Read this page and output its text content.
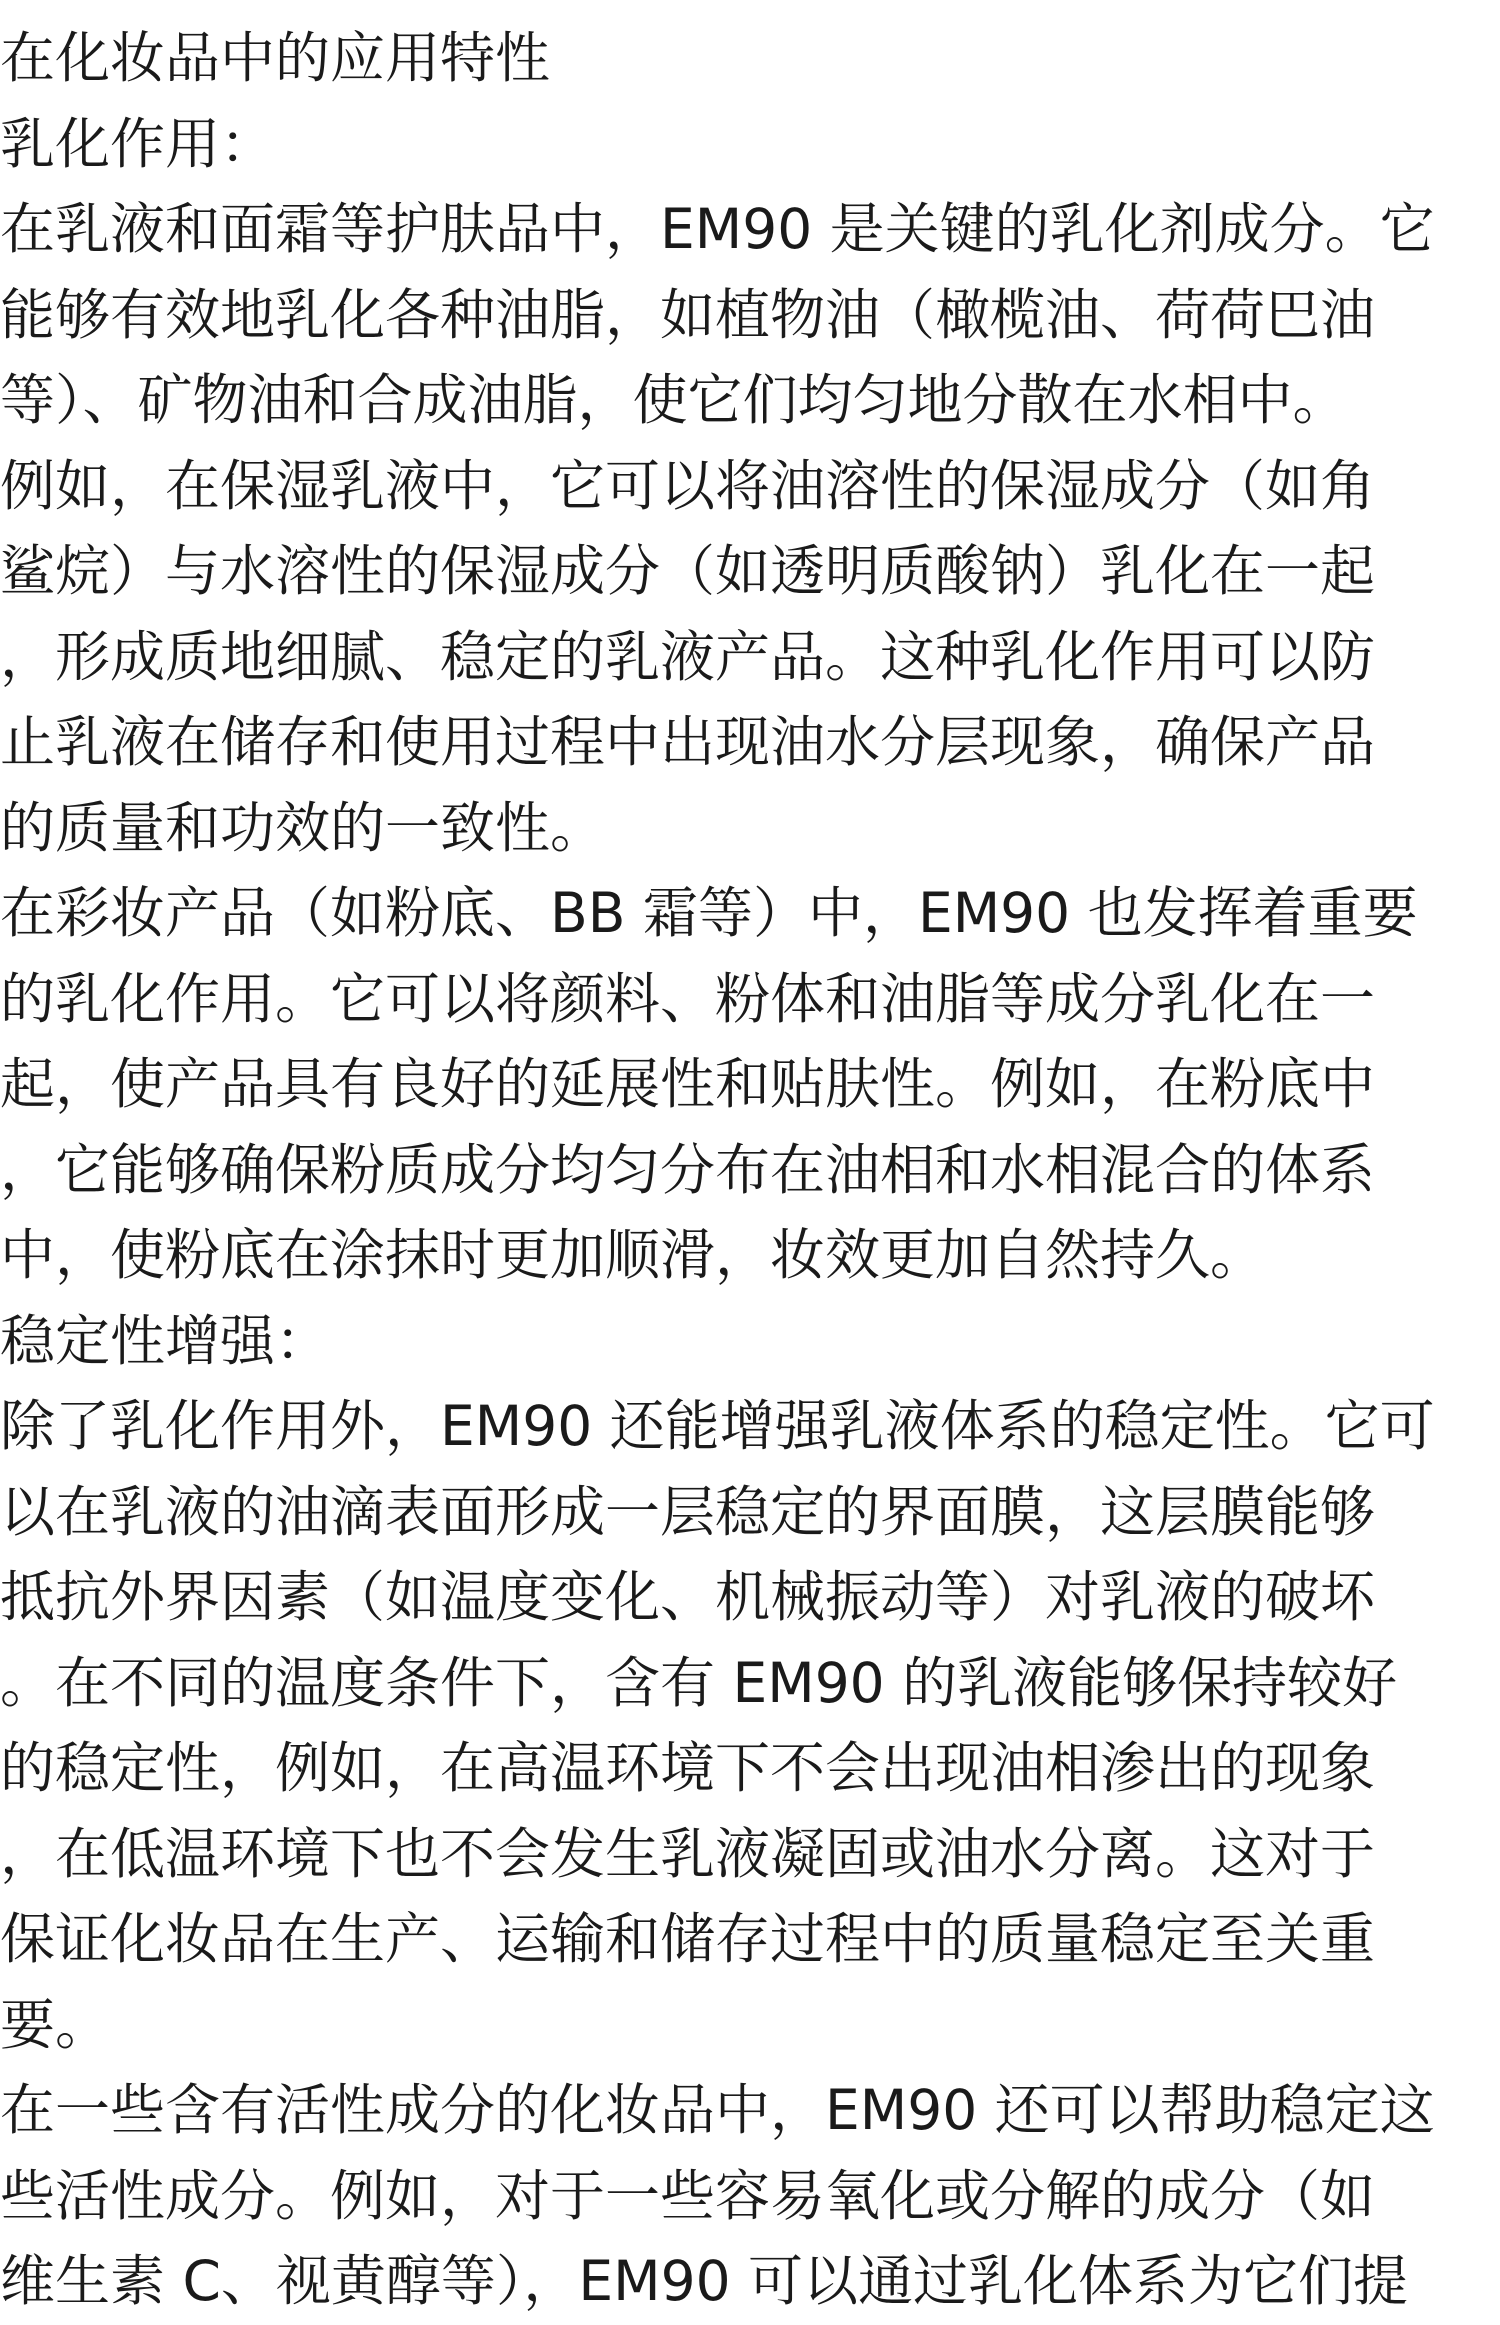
在化妆品中的应用特性
乳化作用：
在乳液和面霜等护肤品中，EM90 是关键的乳化剂成分。它
能够有效地乳化各种油脂，如植物油（橄榄油、荷荷巴油
等）、矿物油和合成油脂，使它们均匀地分散在水相中。
例如，在保湿乳液中，它可以将油溶性的保湿成分（如角
鲨烷）与水溶性的保湿成分（如透明质酸钠）乳化在一起
，形成质地细腻、稳定的乳液产品。这种乳化作用可以防
止乳液在储存和使用过程中出现油水分层现象，确保产品
的质量和功效的一致性。
在彩妆产品（如粉底、BB 霜等）中，EM90 也发挥着重要
的乳化作用。它可以将颜料、粉体和油脂等成分乳化在一
起，使产品具有良好的延展性和贴肤性。例如，在粉底中
，它能够确保粉质成分均匀分布在油相和水相混合的体系
中，使粉底在涂抹时更加顺滑，妆效更加自然持久。
稳定性增强：
除了乳化作用外，EM90 还能增强乳液体系的稳定性。它可
以在乳液的油滴表面形成一层稳定的界面膜，这层膜能够
抵抗外界因素（如温度变化、机械振动等）对乳液的破坏
。在不同的温度条件下，含有 EM90 的乳液能够保持较好
的稳定性，例如，在高温环境下不会出现油相渗出的现象
，在低温环境下也不会发生乳液凝固或油水分离。这对于
保证化妆品在生产、运输和储存过程中的质量稳定至关重
要。
在一些含有活性成分的化妆品中，EM90 还可以帮助稳定这
些活性成分。例如，对于一些容易氧化或分解的成分（如
维生素 C、视黄醇等），EM90 可以通过乳化体系为它们提
